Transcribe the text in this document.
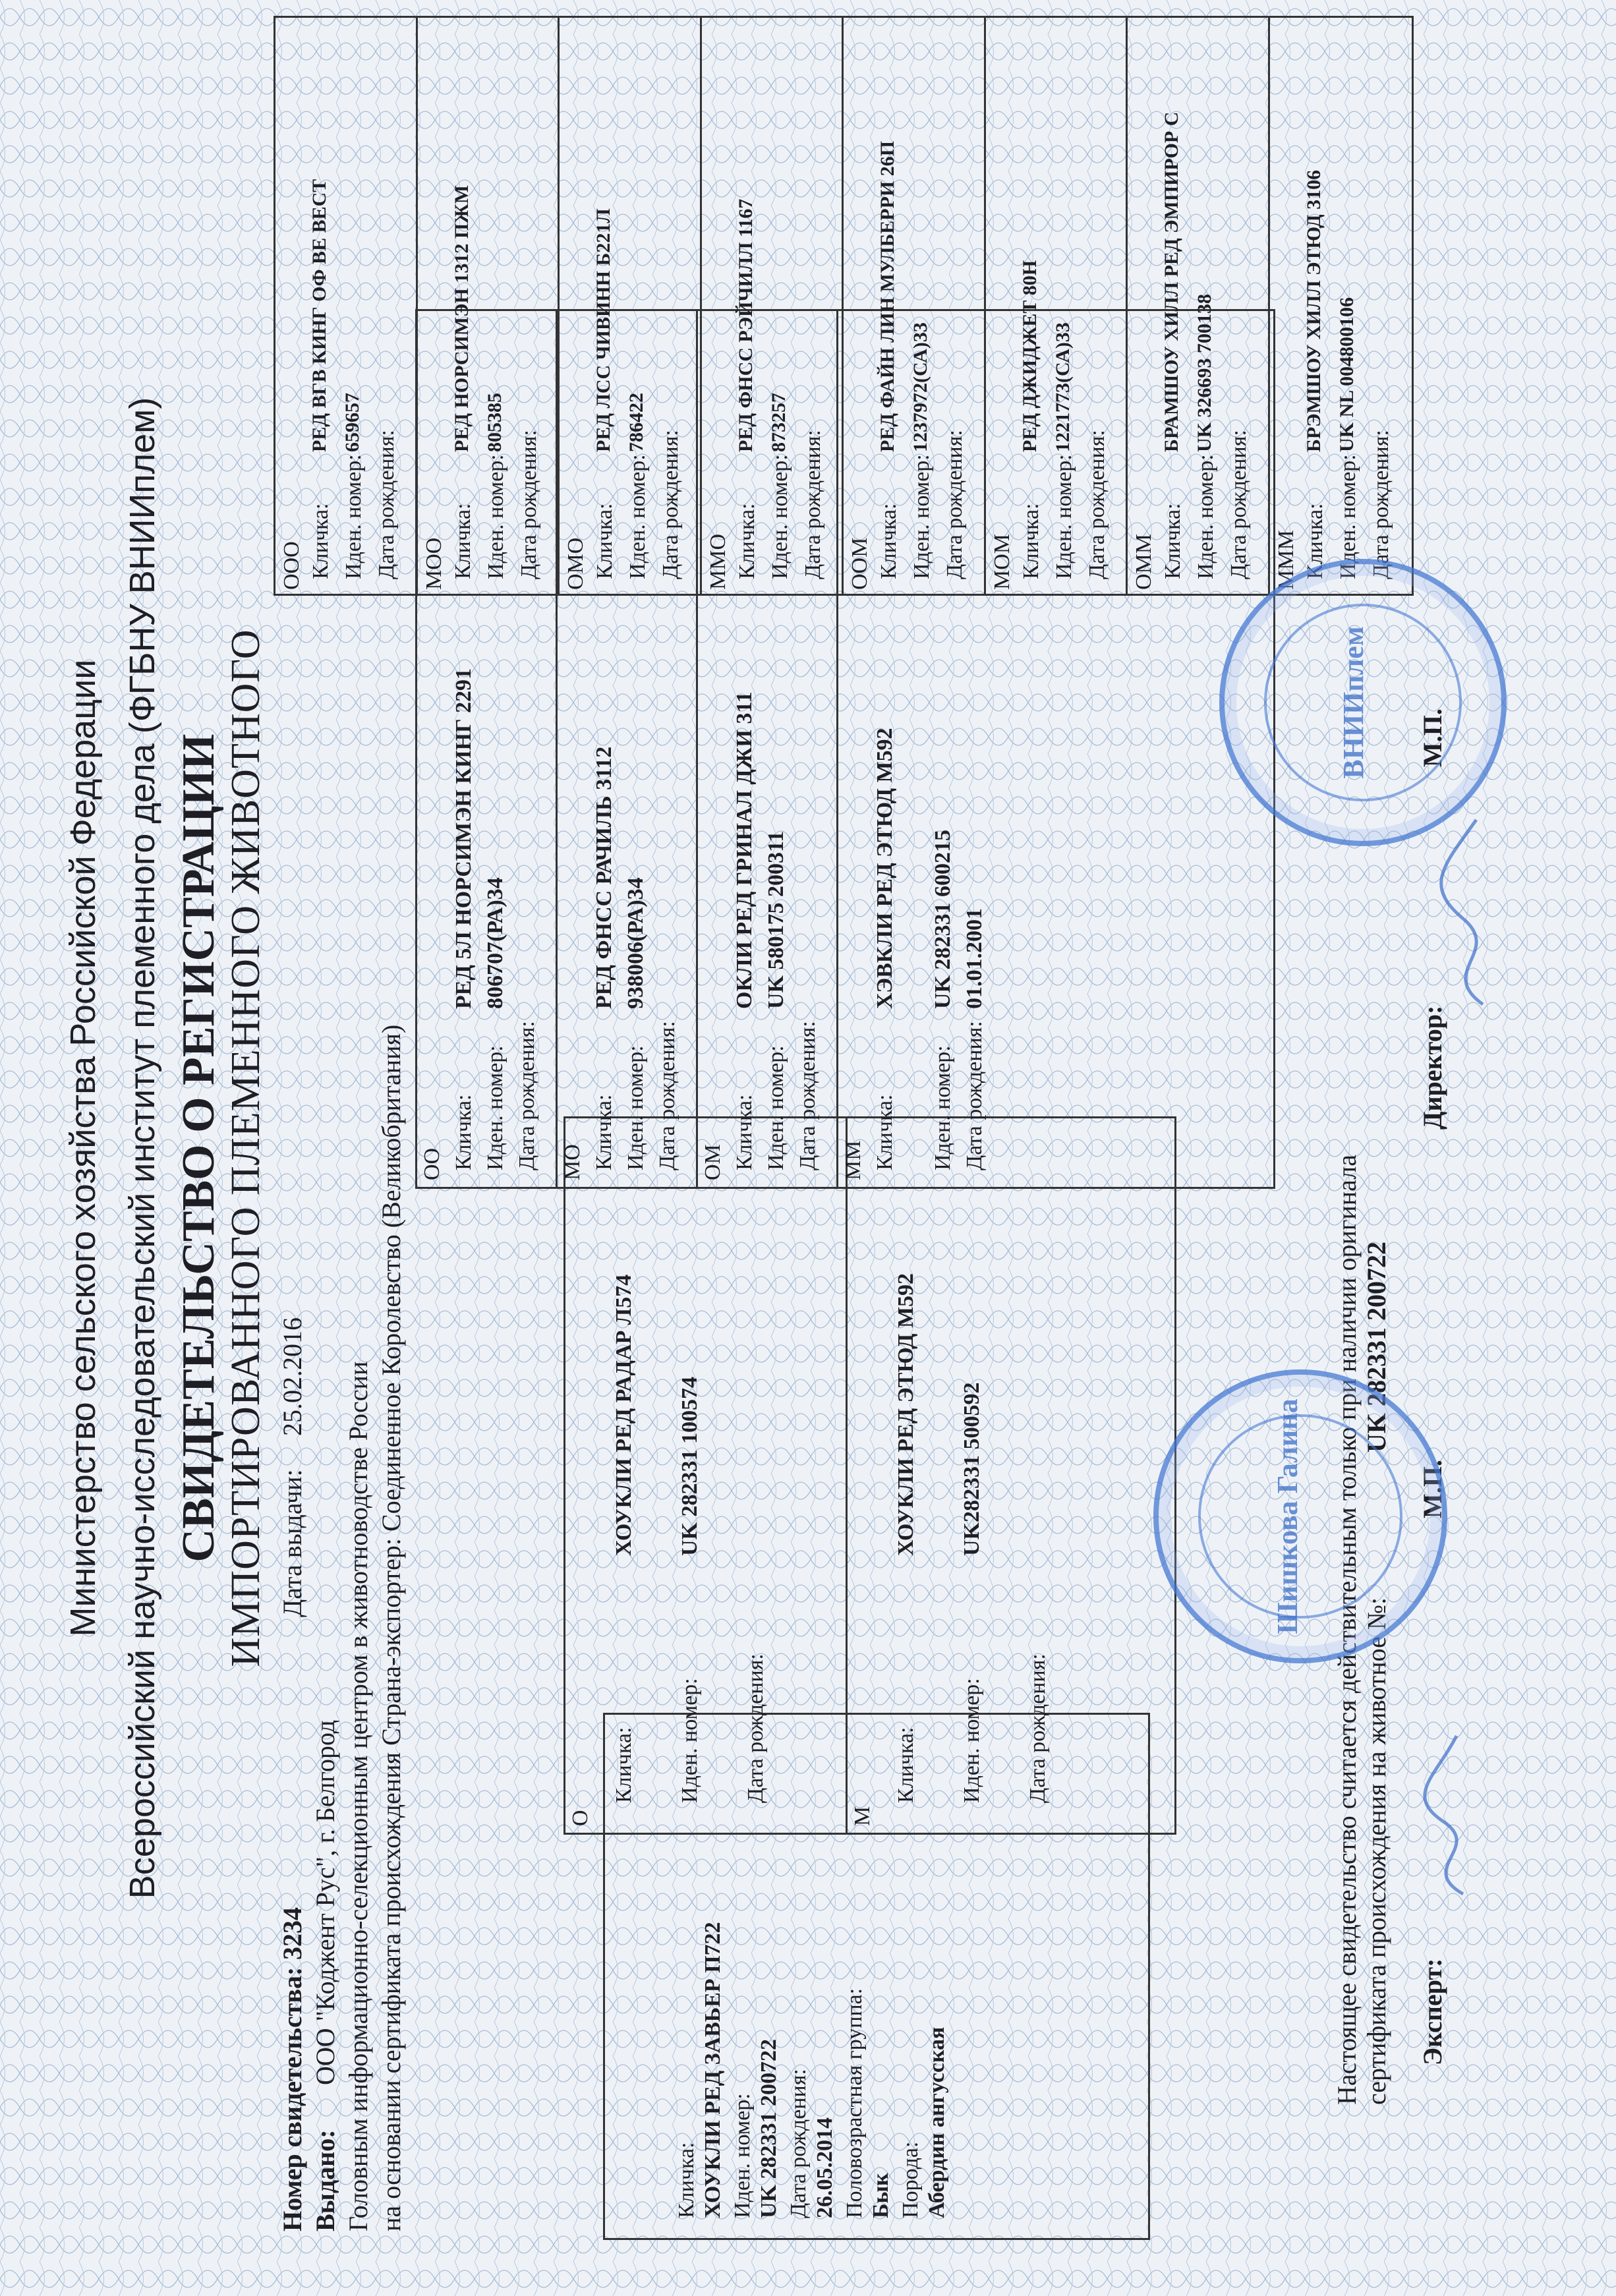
Министерство сельского хозяйства Российской Федерации Всероссийский научно-исследовательский институт племенного дела (ФГБНУ ВНИИплем) СВИДЕТЕЛЬСТВО О РЕГИСТРАЦИИ ИМПОРТИРОВАННОГО ПЛЕМЕННОГО ЖИВОТНОГО
Номер свидетельства:
3234
Дата выдачи:
25.02.2016
Выдано:
ООО "Коджент Рус", г. Белгород Головным информационно-селекционным центром в животноводстве России на основании сертификата происхождения Страна-экспортер: Соединенное Королевство (Великобритания)	Кличка: ХОУКЛИ РЕД ЗАВЬЕР П722 Иден. номер: UK 282331 200722 Дата рождения: 26.05.2014 Половозрастная группа: Бык Порода: Абердин ангусская
О
Кличка:
ХОУКЛИ РЕД РАДАР Л574
Иден. номер:
UK 282331 100574
Дата рождения:
М
Кличка:
ХОУКЛИ РЕД ЭТЮД М592
Иден. номер:
UK282331 500592
Дата рождения:
ОО Кличка:
РЕД 5Л НОРСИМЭН КИНГ 2291
Иден. номер:
806707(РА)34
Дата рождения: МО Кличка:
РЕД ФНСС РАЧИЛЬ 3112
Иден. номер:
938006(РА)34
Дата рождения: ОМ Кличка:
ОКЛИ РЕД ГРИНАЛ ДЖИ 311
Иден. номер:
UK 580175 200311
Дата рождения: ММ Кличка:
ХЭВКЛИ РЕД ЭТЮД М592
Иден. номер:
UK 282331 600215
Дата рождения:
01.01.2001
ООО Кличка:
РЕД ВГВ КИНГ ОФ ВЕ ВЕСТ
Иден. номер:
659657
Дата рождения: МОО Кличка:
РЕД НОРСИМЭН 1312 ПЖМ
Иден. номер:
805385
Дата рождения: ОМО Кличка:
РЕД ЛСС ЧИВИНН Б221Л
Иден. номер:
786422
Дата рождения: ММО Кличка:
РЕД ФНСС РЭЙЧИЛЛ 1167
Иден. номер:
873257
Дата рождения: ООМ Кличка:
РЕД ФАЙН ЛИН МУЛБЕРРИ 26П
Иден. номер:
1237972(СА)33
Дата рождения: МОМ Кличка:
РЕД ДЖИДЖЕТ 80Н
Иден. номер:
1221773(СА)33
Дата рождения: ОММ Кличка:
БРАМШОУ ХИЛЛ РЕД ЭМПИРОР С
Иден. номер:
UK 326693 700138
Дата рождения: МММ Кличка:
БРЭМШОУ ХИЛЛ ЭТЮД 3106
Иден. номер:
UK NL 004800106
Дата рождения:
Настоящее свидетельство считается действительным только при наличии оригинала сертификата происхождения на животное №:
UK 282331 200722
Эксперт:
М.П.
Директор:
М.П.
Шишкова Галина
ВНИИплем
